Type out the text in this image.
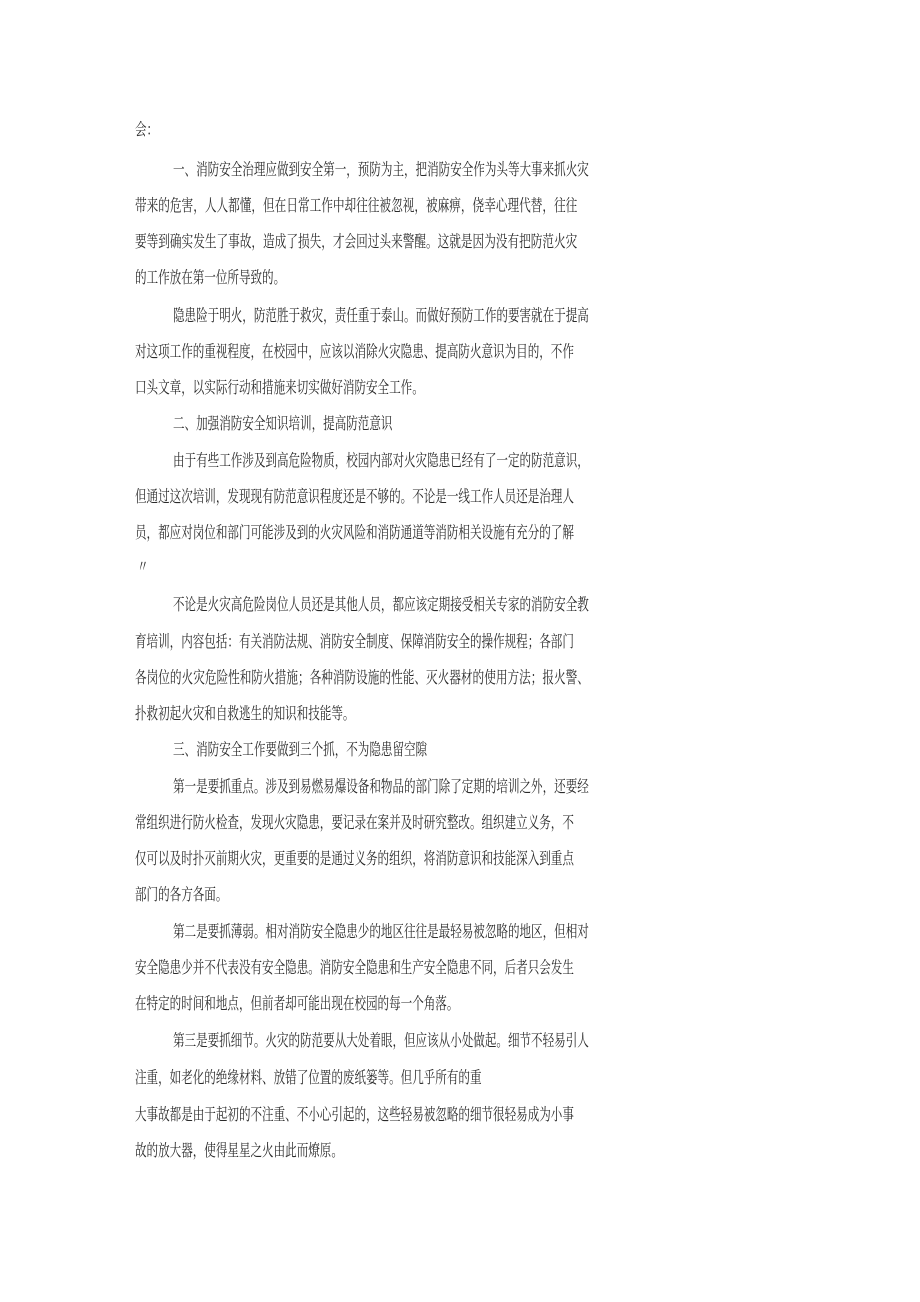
会：
一、消防安全治理应做到安全第一，预防为主，把消防安全作为头等大事来抓火灾
带来的危害，人人都懂，但在日常工作中却往往被忽视，被麻痹，侥幸心理代替，往往
要等到确实发生了事故，造成了损失，才会回过头来警醒。这就是因为没有把防范火灾
的工作放在第一位所导致的。
隐患险于明火，防范胜于救灾，责任重于泰山。而做好预防工作的要害就在于提高
对这项工作的重视程度，在校园中，应该以消除火灾隐患、提高防火意识为目的，不作
口头文章，以实际行动和措施来切实做好消防安全工作。
二、加强消防安全知识培训，提高防范意识
由于有些工作涉及到高危险物质，校园内部对火灾隐患已经有了一定的防范意识，
但通过这次培训，发现现有防范意识程度还是不够的。不论是一线工作人员还是治理人
员，都应对岗位和部门可能涉及到的火灾风险和消防通道等消防相关设施有充分的了解
〃
不论是火灾高危险岗位人员还是其他人员，都应该定期接受相关专家的消防安全教
育培训，内容包括：有关消防法规、消防安全制度、保障消防安全的操作规程；各部门
各岗位的火灾危险性和防火措施；各种消防设施的性能、灭火器材的使用方法；报火警、
扑救初起火灾和自救逃生的知识和技能等。
三、消防安全工作要做到三个抓，不为隐患留空隙
第一是要抓重点。涉及到易燃易爆设备和物品的部门除了定期的培训之外，还要经
常组织进行防火检查，发现火灾隐患，要记录在案并及时研究整改。组织建立义务，不
仅可以及时扑灭前期火灾，更重要的是通过义务的组织，将消防意识和技能深入到重点
部门的各方各面。
第二是要抓薄弱。相对消防安全隐患少的地区往往是最轻易被忽略的地区，但相对
安全隐患少并不代表没有安全隐患。消防安全隐患和生产安全隐患不同，后者只会发生
在特定的时间和地点，但前者却可能出现在校园的每一个角落。
第三是要抓细节。火灾的防范要从大处着眼，但应该从小处做起。细节不轻易引人
注重，如老化的绝缘材料、放错了位置的废纸篓等。但几乎所有的重
大事故都是由于起初的不注重、不小心引起的，这些轻易被忽略的细节很轻易成为小事
故的放大器，使得星星之火由此而燎原。
